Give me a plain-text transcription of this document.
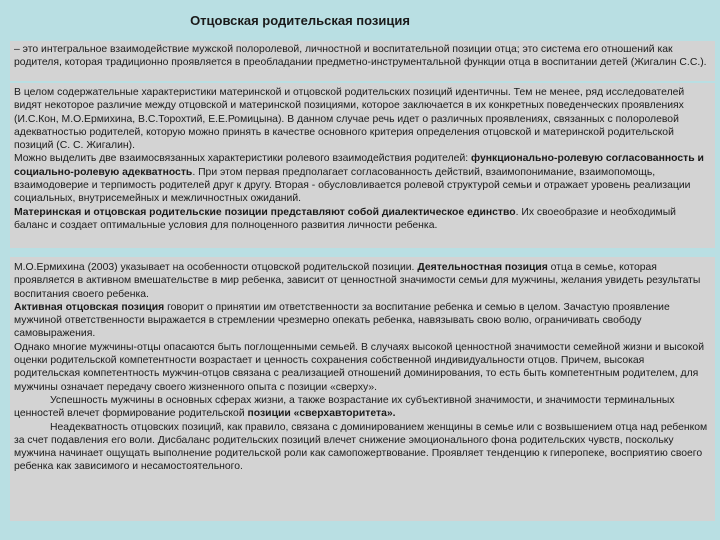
Отцовская родительская позиция

– это интегральное взаимодействие мужской полоролевой, личностной и воспитательной позиции отца; это система его отношений как родителя, которая традиционно проявляется в преобладании предметно-инструментальной функции отца в воспитании детей (Жигалин С.С.).

В целом содержательные характеристики материнской и отцовской родительских позиций идентичны. Тем не менее, ряд исследователей видят некоторое различие между отцовской и материнской позициями, которое заключается в их конкретных поведенческих проявлениях (И.С.Кон, М.О.Ермихина, В.С.Торохтий, Е.Е.Ромицына). В данном случае речь идет о различных проявлениях, связанных с полоролевой адекватностью родителей, которую можно принять в качестве основного критерия определения отцовской и материнской родительской позиций (С. С. Жигалин).

Можно выделить две взаимосвязанных характеристики ролевого взаимодействия родителей: функционально-ролевую согласованность и социально-ролевую адекватность. При этом первая предполагает согласованность действий, взаимопонимание, взаимопомощь, взаимодоверие и терпимость родителей друг к другу. Вторая - обусловливается ролевой структурой семьи и отражает уровень реализации социальных, внутрисемейных и межличностных ожиданий.

Материнская и отцовская родительские позиции представляют собой диалектическое единство. Их своеобразие и необходимый баланс и создает оптимальные условия для полноценного развития личности ребенка.

М.О.Ермихина (2003) указывает на особенности отцовской родительской позиции. Деятельностная позиция отца в семье, которая проявляется в активном вмешательстве в мир ребенка, зависит от ценностной значимости семьи для мужчины, желания увидеть результаты воспитания своего ребенка.

Активная отцовская позиция говорит о принятии им ответственности за воспитание ребенка и семью в целом. Зачастую проявление мужчиной ответственности выражается в стремлении чрезмерно опекать ребенка, навязывать свою волю, ограничивать свободу самовыражения.

Однако многие мужчины-отцы опасаются быть поглощенными семьей. В случаях высокой ценностной значимости семейной жизни и высокой оценки родительской компетентности возрастает и ценность сохранения собственной индивидуальности отцов. Причем, высокая родительская компетентность мужчин-отцов связана с реализацией отношений доминирования, то есть быть компетентным родителем, для мужчины означает передачу своего жизненного опыта с позиции «сверху».

Успешность мужчины в основных сферах жизни, а также возрастание их субъективной значимости, и значимости терминальных ценностей влечет формирование родительской позиции «сверхавторитета».

Неадекватность отцовских позиций, как правило, связана с доминированием женщины в семье или с возвышением отца над ребенком за счет подавления его воли. Дисбаланс родительских позиций влечет снижение эмоционального фона родительских чувств, поскольку мужчина начинает ощущать выполнение родительской роли как самопожертвование. Проявляет тенденцию к гиперопеке, восприятию своего ребенка как зависимого и несамостоятельного.
